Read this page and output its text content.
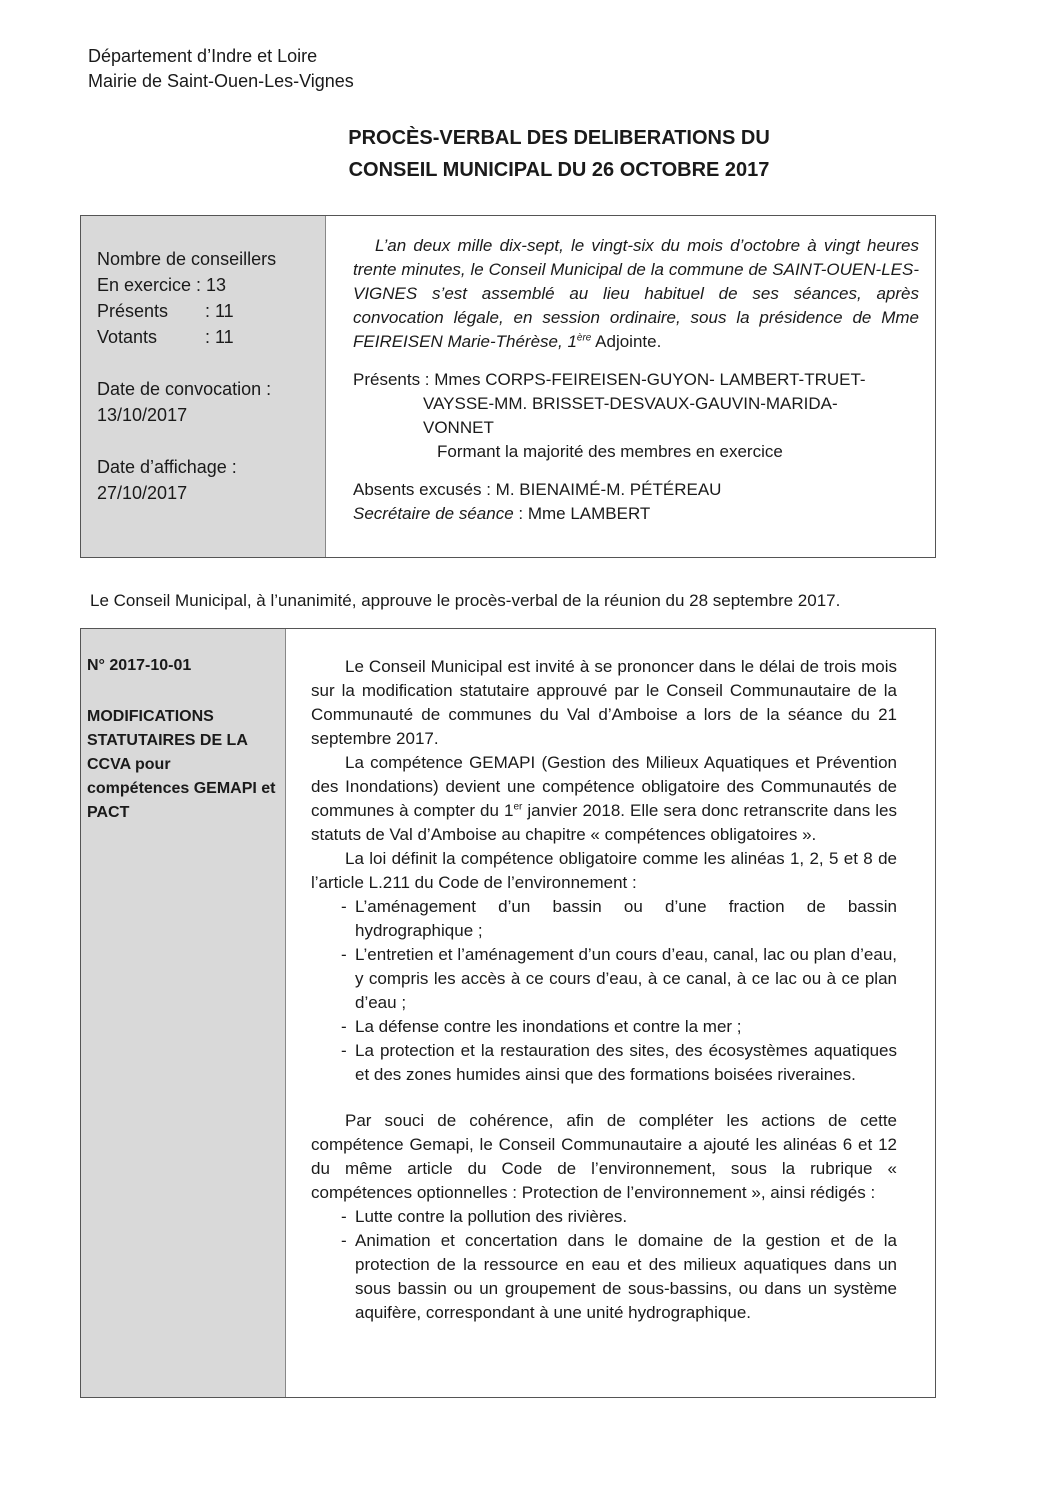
Département d’Indre et Loire
Mairie de Saint-Ouen-Les-Vignes
PROCÈS-VERBAL DES DELIBERATIONS DU
CONSEIL MUNICIPAL DU 26 OCTOBRE 2017
Nombre de conseillers
En exercice : 13
Présents	: 11
Votants	: 11
Date de convocation :
13/10/2017
Date d’affichage :
27/10/2017

L’an deux mille dix-sept, le vingt-six du mois d’octobre à vingt heures trente minutes, le Conseil Municipal de la commune de SAINT-OUEN-LES-VIGNES s’est assemblé au lieu habituel de ses séances, après convocation légale, en session ordinaire, sous la présidence de Mme FEIREISEN Marie-Thérèse, 1ère Adjointe.

Présents : Mmes CORPS-FEIREISEN-GUYON- LAMBERT-TRUET-
VAYSSE-MM. BRISSET-DESVAUX-GAUVIN-MARIDA-
VONNET
Formant la majorité des membres en exercice
Absents excusés : M. BIENAIMÉ-M. PÉTÉREAU
Secrétaire de séance : Mme LAMBERT
Le Conseil Municipal, à l’unanimité, approuve le procès-verbal de la réunion du 28 septembre 2017.
N° 2017-10-01
MODIFICATIONS STATUTAIRES DE LA CCVA pour compétences GEMAPI et PACT

Le Conseil Municipal est invité à se prononcer dans le délai de trois mois sur la modification statutaire approuvé par le Conseil Communautaire de la Communauté de communes du Val d’Amboise a lors de la séance du 21 septembre 2017.

La compétence GEMAPI (Gestion des Milieux Aquatiques et Prévention des Inondations) devient une compétence obligatoire des Communautés de communes à compter du 1er janvier 2018. Elle sera donc retranscrite dans les statuts de Val d’Amboise au chapitre « compétences obligatoires ».

La loi définit la compétence obligatoire comme les alinéas 1, 2, 5 et 8 de l’article L.211 du Code de l’environnement :

- L’aménagement d’un bassin ou d’une fraction de bassin hydrographique ;
- L’entretien et l’aménagement d’un cours d’eau, canal, lac ou plan d’eau, y compris les accès à ce cours d’eau, à ce canal, à ce lac ou à ce plan d’eau ;
- La défense contre les inondations et contre la mer ;
- La protection et la restauration des sites, des écosystèmes aquatiques et des zones humides ainsi que des formations boisées riveraines.

Par souci de cohérence, afin de compléter les actions de cette compétence Gemapi, le Conseil Communautaire a ajouté les alinéas 6 et 12 du même article du Code de l’environnement, sous la rubrique « compétences optionnelles : Protection de l’environnement », ainsi rédigés :

- Lutte contre la pollution des rivières.
- Animation et concertation dans le domaine de la gestion et de la protection de la ressource en eau et des milieux aquatiques dans un sous bassin ou un groupement de sous-bassins, ou dans un système aquifère, correspondant à une unité hydrographique.
